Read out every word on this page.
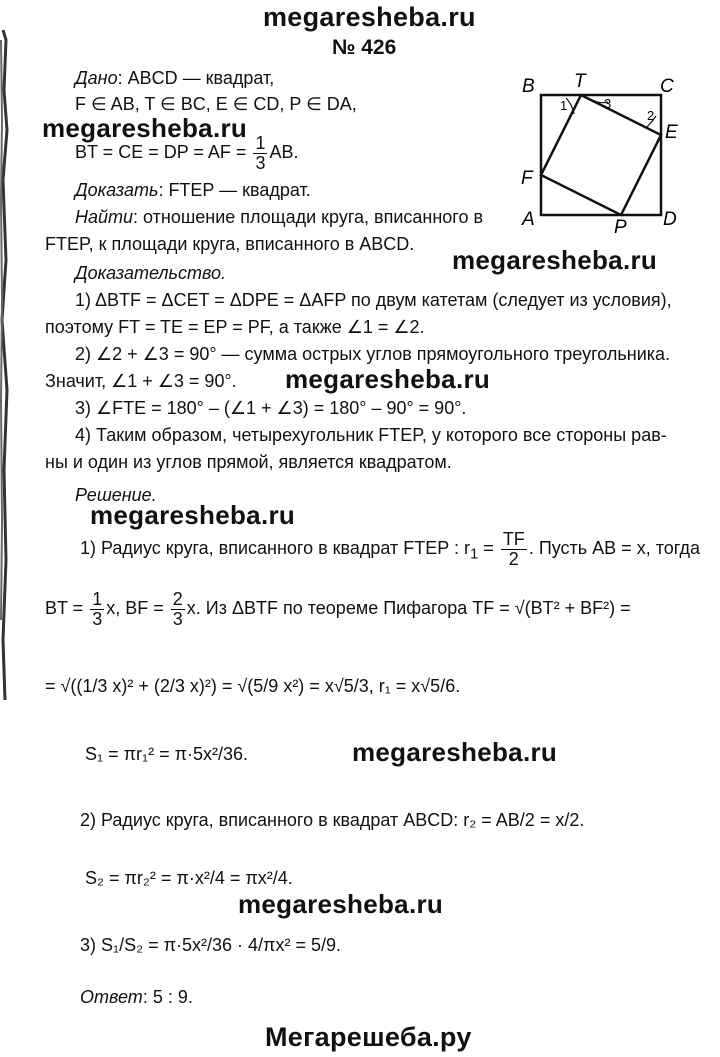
megaresheba.ru
№ 426
B T	C
E
F
A	P D
1	3
2
Дано: ABCD — квадрат,
F ∈ AB, T ∈ BC, E ∈ CD, P ∈ DA,
megaresheba.ru
BT = CE = DP = AF = $\frac{1}{3}$ AB.
Доказать: FTEP — квадрат.
Найти: отношение площади круга, вписанного в
FTEP, к площади круга, вписанного в ABCD.
megaresheba.ru
Доказательство.
1) ΔBTF = ΔCET = ΔDPE = ΔAFP по двум катетам (следует из условия),
поэтому FT = TE = EP = PF, а также ∠1 = ∠2.
2) ∠2 + ∠3 = 90° — сумма острых углов прямоугольного треугольника.
Значит, ∠1 + ∠3 = 90°. megaresheba.ru
3) ∠FTE = 180° – (∠1 + ∠3) = 180° – 90° = 90°.
4) Таким образом, четырехугольник FTEP, у которого все стороны рав-
ны и один из углов прямой, является квадратом.
Решение.
megaresheba.ru
1) Радиус круга, вписанного в квадрат FTEP : $r_1 = \frac{TF}{2}$ . Пусть AB = x, тогда
BT = $\frac{1}{3} x$, BF = $\frac{2}{3} x$. Из ΔBTF по теореме Пифагора TF = √(BT² + BF²) =
= √((1/3 x)² + (2/3 x)²) = √(5/9 x²) = x√5/3, r₁ = x√5/6.
S₁ = πr₁² = π·5x²/36.	megaresheba.ru
2) Радиус круга, вписанного в квадрат ABCD: r₂ = AB/2 = x/2.
S₂ = πr₂² = π·x²/4 = πx²/4.
megaresheba.ru
3) S₁/S₂ = π·5x²/36 · 4/πx² = 5/9.
Ответ: 5 : 9.
Мегарешеба.ру
